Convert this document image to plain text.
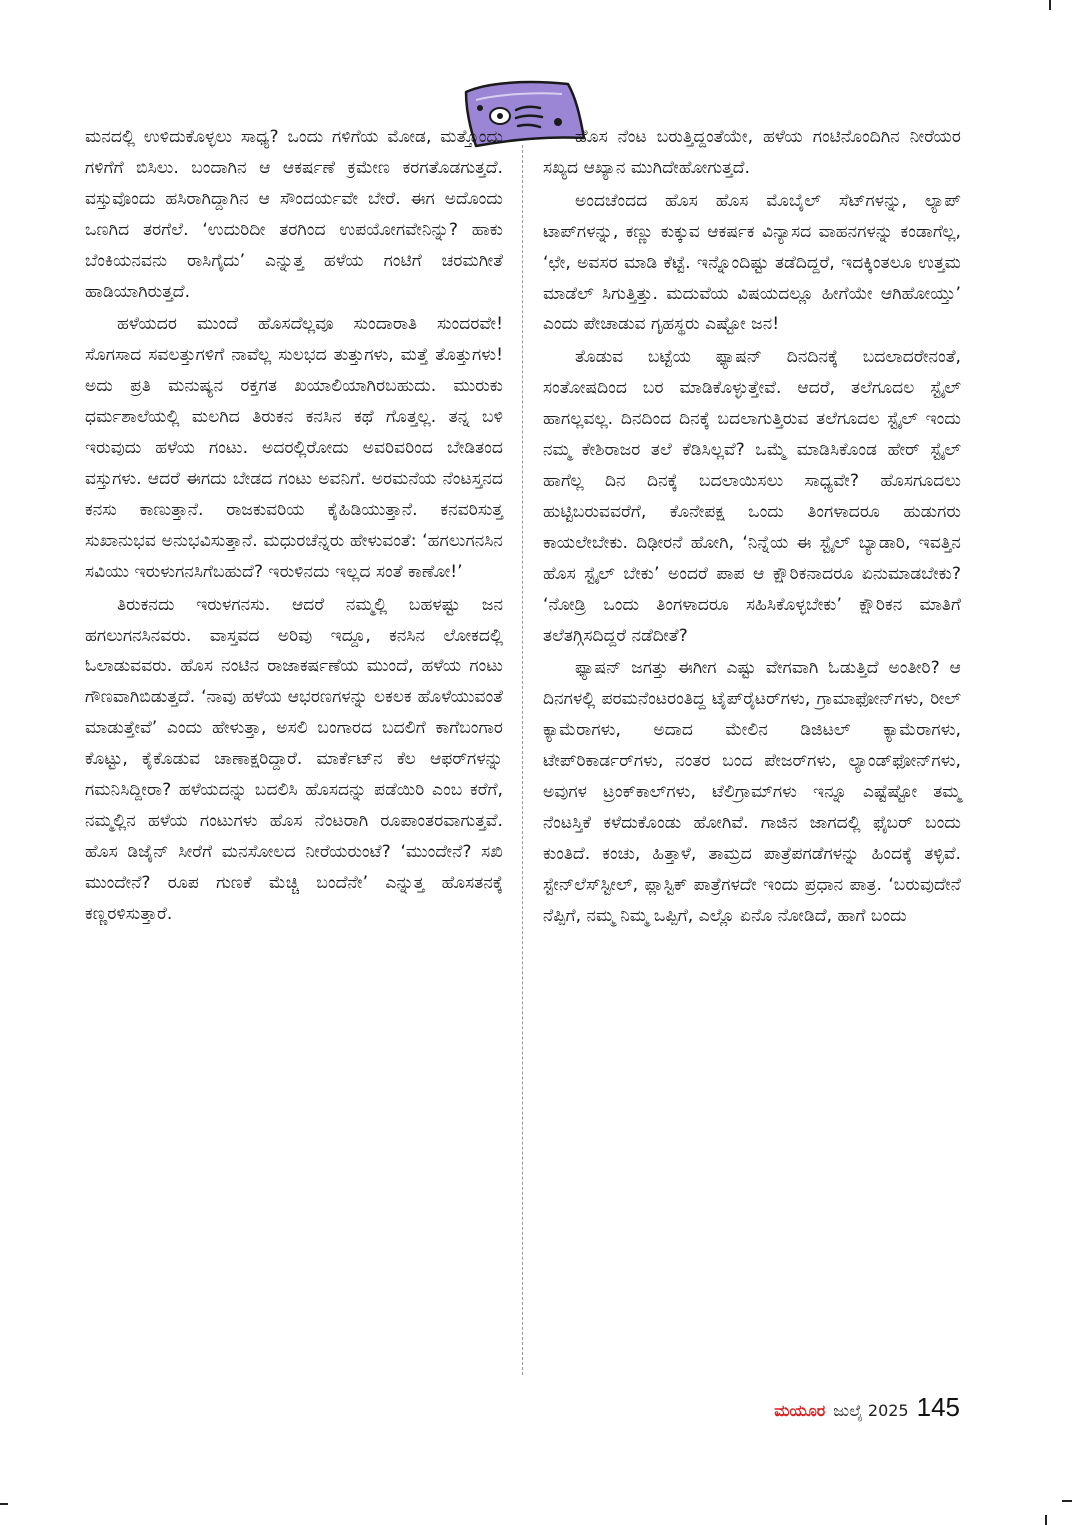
ಮನದಲ್ಲಿ ಉಳಿದುಕೊಳ್ಳಲು ಸಾಧ್ಯ? ಒಂದು ಗಳಿಗೆಯ ಮೋಡ, ಮತ್ತೊಂದು ಗಳಿಗೆಗೆ ಬಿಸಿಲು. ಬಂದಾಗಿನ ಆ ಆಕರ್ಷಣೆ ಕ್ರಮೇಣ ಕರಗತೊಡಗುತ್ತದೆ. ವಸ್ತುವೊಂದು ಹಸಿರಾಗಿದ್ದಾಗಿನ ಆ ಸೌಂದರ್ಯವೇ ಬೇರೆ. ಈಗ ಅದೊಂದು ಒಣಗಿದ ತರಗೆಲೆ. ‘ಉದುರಿದೀ ತರಗಿಂದ ಉಪಯೋಗವೇನಿನ್ನು? ಹಾಕು ಬೆಂಕಿಯನವನು ರಾಸಿಗೈದು’ ಎನ್ನುತ್ತ ಹಳೆಯ ಗಂಟಿಗೆ ಚರಮಗೀತೆ ಹಾಡಿಯಾಗಿರುತ್ತದೆ.

ಹಳೆಯದರ ಮುಂದೆ ಹೊಸದೆಲ್ಲವೂ ಸುಂದಾರಾತಿ ಸುಂದರವೇ! ಸೊಗಸಾದ ಸವಲತ್ತುಗಳಿಗೆ ನಾವೆಲ್ಲ ಸುಲಭದ ತುತ್ತುಗಳು, ಮತ್ತೆ ತೊತ್ತುಗಳು! ಅದು ಪ್ರತಿ ಮನುಷ್ಯನ ರಕ್ತಗತ ಖಯಾಲಿಯಾಗಿರಬಹುದು. ಮುರುಕು ಧರ್ಮಶಾಲೆಯಲ್ಲಿ ಮಲಗಿದ ತಿರುಕನ ಕನಸಿನ ಕಥೆ ಗೊತ್ತಲ್ಲ. ತನ್ನ ಬಳಿ ಇರುವುದು ಹಳೆಯ ಗಂಟು. ಅದರಲ್ಲಿರೋದು ಅವರಿವರಿಂದ ಬೇಡಿತಂದ ವಸ್ತುಗಳು. ಆದರೆ ಈಗದು ಬೇಡದ ಗಂಟು ಅವನಿಗೆ. ಅರಮನೆಯ ನೆಂಟಸ್ತನದ ಕನಸು ಕಾಣುತ್ತಾನೆ. ರಾಜಕುವರಿಯ ಕೈಹಿಡಿಯುತ್ತಾನೆ. ಕನವರಿಸುತ್ತ ಸುಖಾನುಭವ ಅನುಭವಿಸುತ್ತಾನೆ. ಮಧುರಚೆನ್ನರು ಹೇಳುವಂತೆ: ‘ಹಗಲುಗನಸಿನ ಸವಿಯು ಇರುಳುಗನಸಿಗೆಬಹುದೆ? ಇರುಳಿನದು ಇಲ್ಲದ ಸಂತೆ ಕಾಣೋ!’

ತಿರುಕನದು ಇರುಳಗನಸು. ಆದರೆ ನಮ್ಮಲ್ಲಿ ಬಹಳಷ್ಟು ಜನ ಹಗಲುಗನಸಿನವರು. ವಾಸ್ತವದ ಅರಿವು ಇದ್ದೂ, ಕನಸಿನ ಲೋಕದಲ್ಲಿ ಓಲಾಡುವವರು. ಹೊಸ ನಂಟಿನ ರಾಜಾಕರ್ಷಣೆಯ ಮುಂದೆ, ಹಳೆಯ ಗಂಟು ಗೌಣವಾಗಿಬಿಡುತ್ತದೆ. ‘ನಾವು ಹಳೆಯ ಆಭರಣಗಳನ್ನು ಲಕಲಕ ಹೊಳೆಯುವಂತೆ ಮಾಡುತ್ತೇವೆ’ ಎಂದು ಹೇಳುತ್ತಾ, ಅಸಲಿ ಬಂಗಾರದ ಬದಲಿಗೆ ಕಾಗೆಬಂಗಾರ ಕೊಟ್ಟು, ಕೈಕೊಡುವ ಚಾಣಾಕ್ಷರಿದ್ದಾರೆ. ಮಾರ್ಕೆಟ್‌ನ ಕೆಲ ಆಫರ್‌ಗಳನ್ನು ಗಮನಿಸಿದ್ದೀರಾ? ಹಳೆಯದನ್ನು ಬದಲಿಸಿ ಹೊಸದನ್ನು ಪಡೆಯಿರಿ ಎಂಬ ಕರೆಗೆ, ನಮ್ಮಲ್ಲಿನ ಹಳೆಯ ಗಂಟುಗಳು ಹೊಸ ನೆಂಟರಾಗಿ ರೂಪಾಂತರವಾಗುತ್ತವೆ. ಹೊಸ ಡಿಜೈನ್ ಸೀರೆಗೆ ಮನಸೋಲದ ನೀರೆಯರುಂಟೆ? ‘ಮುಂದೇನೆ? ಸಖಿ ಮುಂದೇನೆ? ರೂಪ ಗುಣಕೆ ಮೆಚ್ಚಿ ಬಂದೆನೇ’ ಎನ್ನುತ್ತ ಹೊಸತನಕ್ಕೆ ಕಣ್ಣರಳಿಸುತ್ತಾರೆ.

ಹೊಸ ನೆಂಟ ಬರುತ್ತಿದ್ದಂತೆಯೇ, ಹಳೆಯ ಗಂಟಿನೊಂದಿಗಿನ ನೀರೆಯರ ಸಖ್ಯದ ಆಖ್ಯಾನ ಮುಗಿದೇಹೋಗುತ್ತದೆ.

ಅಂದಚೆಂದದ ಹೊಸ ಹೊಸ ಮೊಬೈಲ್ ಸೆಟ್‌ಗಳನ್ನು, ಲ್ಯಾಪ್ ಟಾಪ್‌ಗಳನ್ನು, ಕಣ್ಣು ಕುಕ್ಕುವ ಆಕರ್ಷಕ ವಿನ್ಯಾಸದ ವಾಹನಗಳನ್ನು ಕಂಡಾಗೆಲ್ಲ, ‘ಛೇ, ಅವಸರ ಮಾಡಿ ಕೆಟ್ಟೆ. ಇನ್ನೊಂದಿಷ್ಟು ತಡೆದಿದ್ದರೆ, ಇದಕ್ಕಿಂತಲೂ ಉತ್ತಮ ಮಾಡೆಲ್ ಸಿಗುತ್ತಿತ್ತು. ಮದುವೆಯ ವಿಷಯದಲ್ಲೂ ಹೀಗೆಯೇ ಆಗಿಹೋಯ್ತು’ ಎಂದು ಪೇಚಾಡುವ ಗೃಹಸ್ಥರು ಎಷ್ಟೋ ಜನ!

ತೊಡುವ ಬಟ್ಟೆಯ ಫ್ಯಾಷನ್ ದಿನದಿನಕ್ಕೆ ಬದಲಾದರೇನಂತೆ, ಸಂತೋಷದಿಂದ ಬರ ಮಾಡಿಕೊಳ್ಳುತ್ತೇವೆ. ಆದರೆ, ತಲೆಗೂದಲ ಸ್ಟೈಲ್ ಹಾಗಲ್ಲವಲ್ಲ. ದಿನದಿಂದ ದಿನಕ್ಕೆ ಬದಲಾಗುತ್ತಿರುವ ತಲೆಗೂದಲ ಸ್ಟೈಲ್ ಇಂದು ನಮ್ಮ ಕೇಶಿರಾಜರ ತಲೆ ಕೆಡಿಸಿಲ್ಲವೆ? ಒಮ್ಮೆ ಮಾಡಿಸಿಕೊಂಡ ಹೇರ್ ಸ್ಟೈಲ್ ಹಾಗೆಲ್ಲ ದಿನ ದಿನಕ್ಕೆ ಬದಲಾಯಿಸಲು ಸಾಧ್ಯವೇ? ಹೊಸಗೂದಲು ಹುಟ್ಟಿಬರುವವರೆಗೆ, ಕೊನೇಪಕ್ಷ ಒಂದು ತಿಂಗಳಾದರೂ ಹುಡುಗರು ಕಾಯಲೇಬೇಕು. ದಿಢೀರನೆ ಹೋಗಿ, ‘ನಿನ್ನೆಯ ಈ ಸ್ಟೈಲ್ ಬ್ಯಾಡಾರಿ, ಇವತ್ತಿನ ಹೊಸ ಸ್ಟೈಲ್ ಬೇಕು’ ಅಂದರೆ ಪಾಪ ಆ ಕ್ಷೌರಿಕನಾದರೂ ಏನುಮಾಡಬೇಕು? ‘ನೋಡ್ರಿ ಒಂದು ತಿಂಗಳಾದರೂ ಸಹಿಸಿಕೊಳ್ಳಬೇಕು’ ಕ್ಷೌರಿಕನ ಮಾತಿಗೆ ತಲೆತಗ್ಗಿಸದಿದ್ದರೆ ನಡೆದೀತೆ?

ಫ್ಯಾಷನ್ ಜಗತ್ತು ಈಗೀಗ ಎಷ್ಟು ವೇಗವಾಗಿ ಓಡುತ್ತಿದೆ ಅಂತೀರಿ? ಆ ದಿನಗಳಲ್ಲಿ ಪರಮನೆಂಟರಂತಿದ್ದ ಟೈಪ್‌ರೈಟರ್‌ಗಳು, ಗ್ರಾಮಾಫೋನ್‌ಗಳು, ರೀಲ್ ಕ್ಯಾಮೆರಾಗಳು, ಅದಾದ ಮೇಲಿನ ಡಿಜಿಟಲ್ ಕ್ಯಾಮೆರಾಗಳು, ಟೇಪ್‌ರಿಕಾರ್ಡರ್‌ಗಳು, ನಂತರ ಬಂದ ಪೇಜರ್‌ಗಳು, ಲ್ಯಾಂಡ್‌ಫೋನ್‌ಗಳು, ಅವುಗಳ ಟ್ರಂಕ್‌ಕಾಲ್‌ಗಳು, ಟೆಲಿಗ್ರಾಮ್‌ಗಳು ಇನ್ನೂ ಎಷ್ಟೆಷ್ಟೋ ತಮ್ಮ ನೆಂಟಸ್ತಿಕೆ ಕಳೆದುಕೊಂಡು ಹೋಗಿವೆ. ಗಾಜಿನ ಜಾಗದಲ್ಲಿ ಫೈಬರ್ ಬಂದು ಕುಂತಿದೆ. ಕಂಚು, ಹಿತ್ತಾಳೆ, ತಾಮ್ರದ ಪಾತ್ರೆಪಗಡೆಗಳನ್ನು ಹಿಂದಕ್ಕೆ ತಳ್ಳಿವೆ. ಸ್ಟೇನ್‌ಲೆಸ್‌ಸ್ಟೀಲ್, ಪ್ಲಾಸ್ಟಿಕ್ ಪಾತ್ರೆಗಳದೇ ಇಂದು ಪ್ರಧಾನ ಪಾತ್ರ. ‘ಬರುವುದೇನೆ ನೆಪ್ಪಿಗೆ, ನಮ್ಮ ನಿಮ್ಮ ಒಪ್ಪಿಗೆ, ಎಲ್ಲೊ ಏನೊ ನೋಡಿದೆ, ಹಾಗೆ ಬಂದು

ಮಯೂರ ಜುಲೈ 2025 145
